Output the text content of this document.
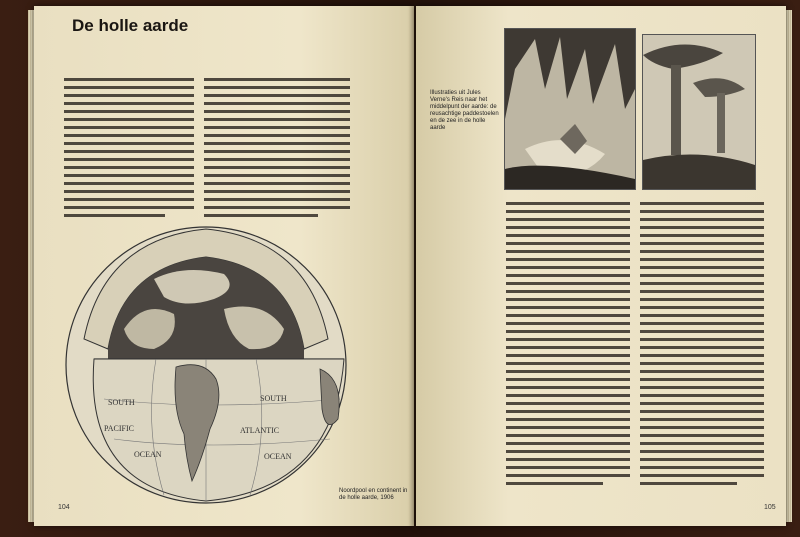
De holle aarde
SOUTH
PACIFIC
OCEAN
SOUTH
ATLANTIC
OCEAN
Noordpool en continent in de holle aarde, 1906
104
Illustraties uit Jules Verne's Reis naar het middelpunt der aarde: de reusachtige paddestoelen en de zee in de holle aarde
105
